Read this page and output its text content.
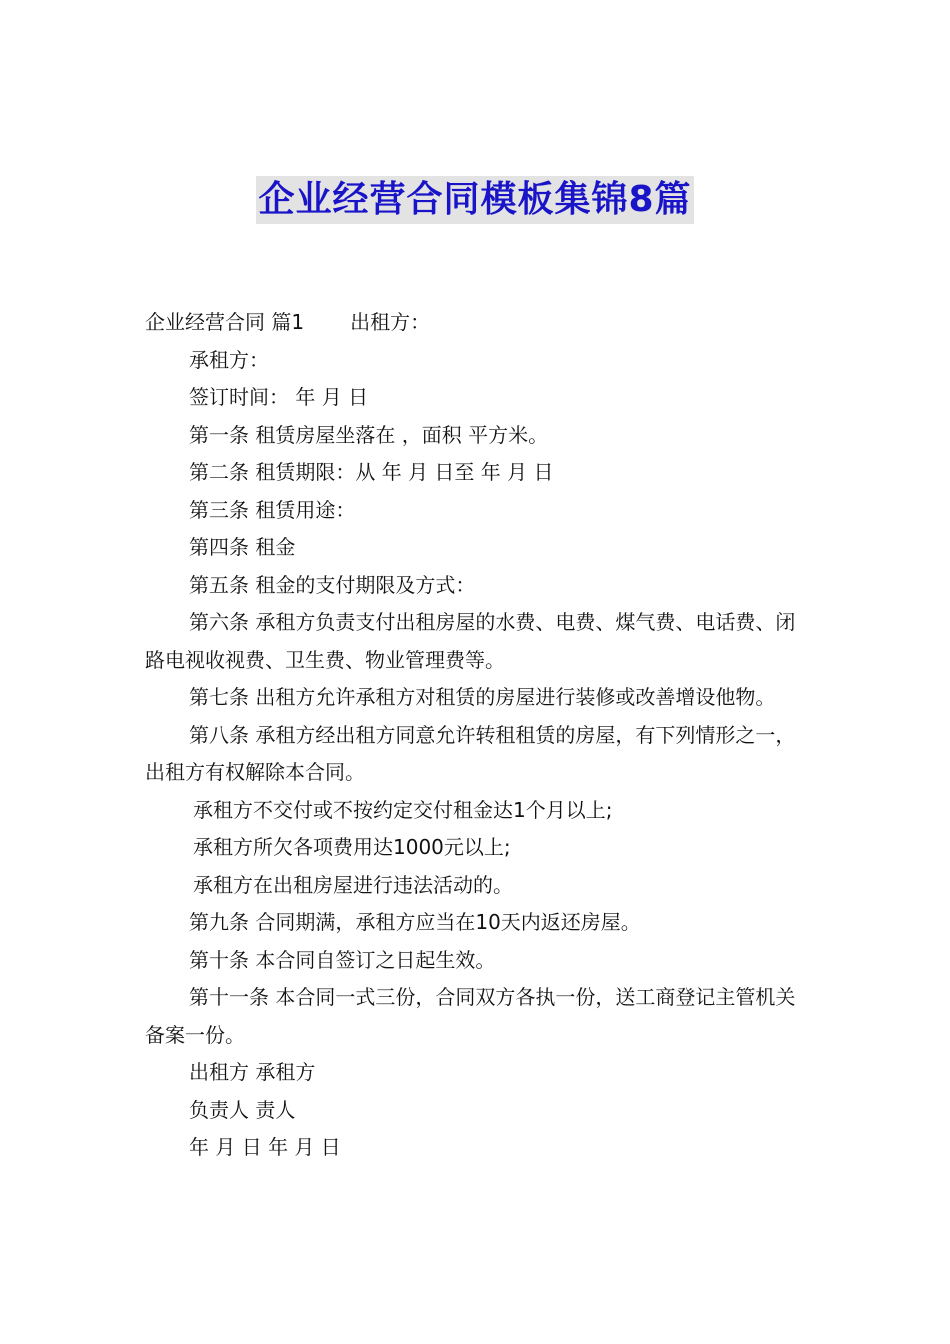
企业经营合同模板集锦8篇

企业经营合同 篇1 出租方：

承租方：

签订时间： 年 月 日

第一条 租赁房屋坐落在 ，面积 平方米。

第二条 租赁期限：从 年 月 日至 年 月 日

第三条 租赁用途：

第四条 租金

第五条 租金的支付期限及方式：

第六条 承租方负责支付出租房屋的水费、电费、煤气费、电话费、闭路电视收视费、卫生费、物业管理费等。

第七条 出租方允许承租方对租赁的房屋进行装修或改善增设他物。

第八条 承租方经出租方同意允许转租租赁的房屋，有下列情形之一，出租方有权解除本合同。

承租方不交付或不按约定交付租金达1个月以上;

承租方所欠各项费用达1000元以上;

承租方在出租房屋进行违法活动的。

第九条 合同期满，承租方应当在10天内返还房屋。

第十条 本合同自签订之日起生效。

第十一条 本合同一式三份，合同双方各执一份，送工商登记主管机关备案一份。

出租方 承租方

负责人 责人

年 月 日 年 月 日
